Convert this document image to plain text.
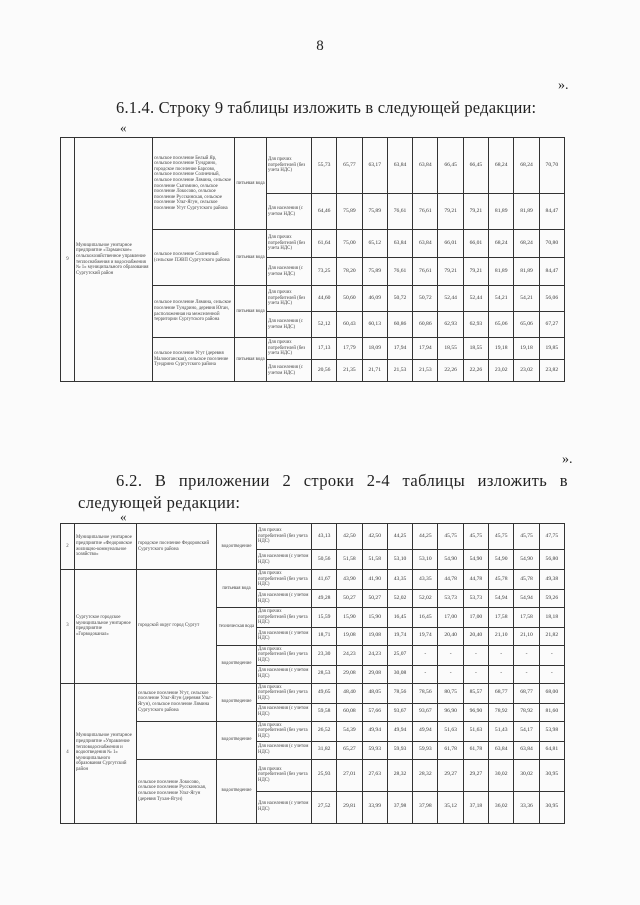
8
».
6.1.4. Строку 9 таблицы изложить в следующей редакции:
«
9	Муниципальное унитарное предприятие «Тарманское» сельскохозяйственное управление теплоснабжения и водоснабжения № 1» муниципального образования Сургутский район	сельское поселение Белый Яр, сельское поселение Тундрино, городское поселение Барсово, сельское поселение Солнечный, сельское поселение Лямина, сельское поселение Сытомино, сельское поселение Локосово, сельское поселение Русскинская, сельское поселение Ульт-Ягун, сельское поселение Угут Сургутского района	питьевая вода	Для прочих потребителей (без учета НДС)	55,73	65,77	63,17	63,84	63,84	66,45	66,45	68,24	68,24	70,70
				Для населения (с учетом НДС)	64,46	75,89	75,89	76,61	76,61	79,21	79,21	81,89	81,89	84,47
		сельское поселение Солнечный (сельское ПЭВП Сургутского района	питьевая вода	Для прочих потребителей (без учета НДС)	61,64	75,00	65,12	63,84	63,84	66,01	66,01	68,24	68,24	70,80
				Для населения (с учетом НДС)	73,25	78,20	75,89	76,61	76,61	79,21	79,21	81,89	81,89	84,47
		сельское поселение Лямина, сельское поселение Тундрино, деревня Юган, расположенная на межселенной территории Сургутского района	питьевая вода	Для прочих потребителей (без учета НДС)	44,60	50,60	46,09	50,72	50,72	52,44	52,44	54,21	54,21	56,06
				Для населения (с учетом НДС)	52,12	60,43	60,13	60,86	60,86	62,93	62,93	65,06	65,06	67,27
		сельское поселение Угут (деревня Малоюганская), сельское поселение Тундрино Сургутского района	питьевая вода	Для прочих потребителей (без учета НДС)	17,13	17,79	18,09	17,94	17,94	18,55	18,55	19,18	19,18	19,85
				Для населения (с учетом НДС)	20,56	21,35	21,71	21,53	21,53	22,26	22,26	23,02	23,02	23,82
».
6.2. В приложении 2 строки 2-4 таблицы изложить в следующей редакции:
«
2	Муниципальное унитарное предприятие «Федоровское жилищно-коммунальное хозяйство»	городское поселение Федоровский Сургутского района	водоотведение	Для прочих потребителей (без учета НДС)	43,13	42,50	42,50	44,25	44,25	45,75	45,75	45,75	45,75	47,75
				Для населения (с учетом НДС)	50,56	51,58	51,58	53,10	53,10	54,90	54,90	54,90	54,90	56,80
3	Сургутское городское муниципальное унитарное предприятие «Горводоканал»	городской округ город Сургут	питьевая вода	Для прочих потребителей (без учета НДС)	41,67	43,90	41,90	43,35	43,35	44,78	44,78	45,78	45,78	49,38
				Для населения (с учетом НДС)	49,28	50,27	50,27	52,02	52,02	53,73	53,73	54,94	54,94	59,26
			техническая вода	Для прочих потребителей (без учета НДС)	15,59	15,90	15,90	16,45	16,45	17,00	17,00	17,58	17,58	18,18
				Для населения (с учетом НДС)	18,71	19,08	19,08	19,74	19,74	20,40	20,40	21,10	21,10	21,82
			водоотведение	Для прочих потребителей (без учета НДС)	23,30	24,23	24,23	25,07	-	-	-	-	-	-
				Для населения (с учетом НДС)	28,53	29,08	29,08	30,08	-	-	-	-	-	-
4	Муниципальное унитарное предприятие «Управление тепловодоснабжения и водоотведения № 1» муниципального образования Сургутский район	сельское поселение Угут, сельское поселение Ульт-Ягун (деревня Ульт-Ягун), сельское поселение Лямина Сургутского района	водоотведение	Для прочих потребителей (без учета НДС)	49,65	48,40	48,05	78,56	78,56	80,75	85,57	68,77	68,77	68,00
				Для населения (с учетом НДС)	59,58	60,08	57,66	93,67	93,67	96,90	96,90	78,92	78,92	81,60
			водоотведение	Для прочих потребителей (без учета НДС)	26,52	54,39	49,94	49,94	49,94	51,63	51,63	51,43	54,17	53,98
				Для населения (с учетом НДС)	31,82	65,27	59,93	59,93	59,93	61,78	61,78	63,84	63,84	64,81
		сельское поселение Локосово, сельское поселение Русскинская, сельское поселение Ульт-Ягун (деревня Тухан-Ягун)	водоотведение	Для прочих потребителей (без учета НДС)	25,93	27,01	27,63	28,32	28,32	29,27	29,27	30,02	30,02	30,95
				Для населения (с учетом НДС)	27,52	29,81	33,99	37,98	37,98	35,12	37,18	36,02	33,36	30,95
